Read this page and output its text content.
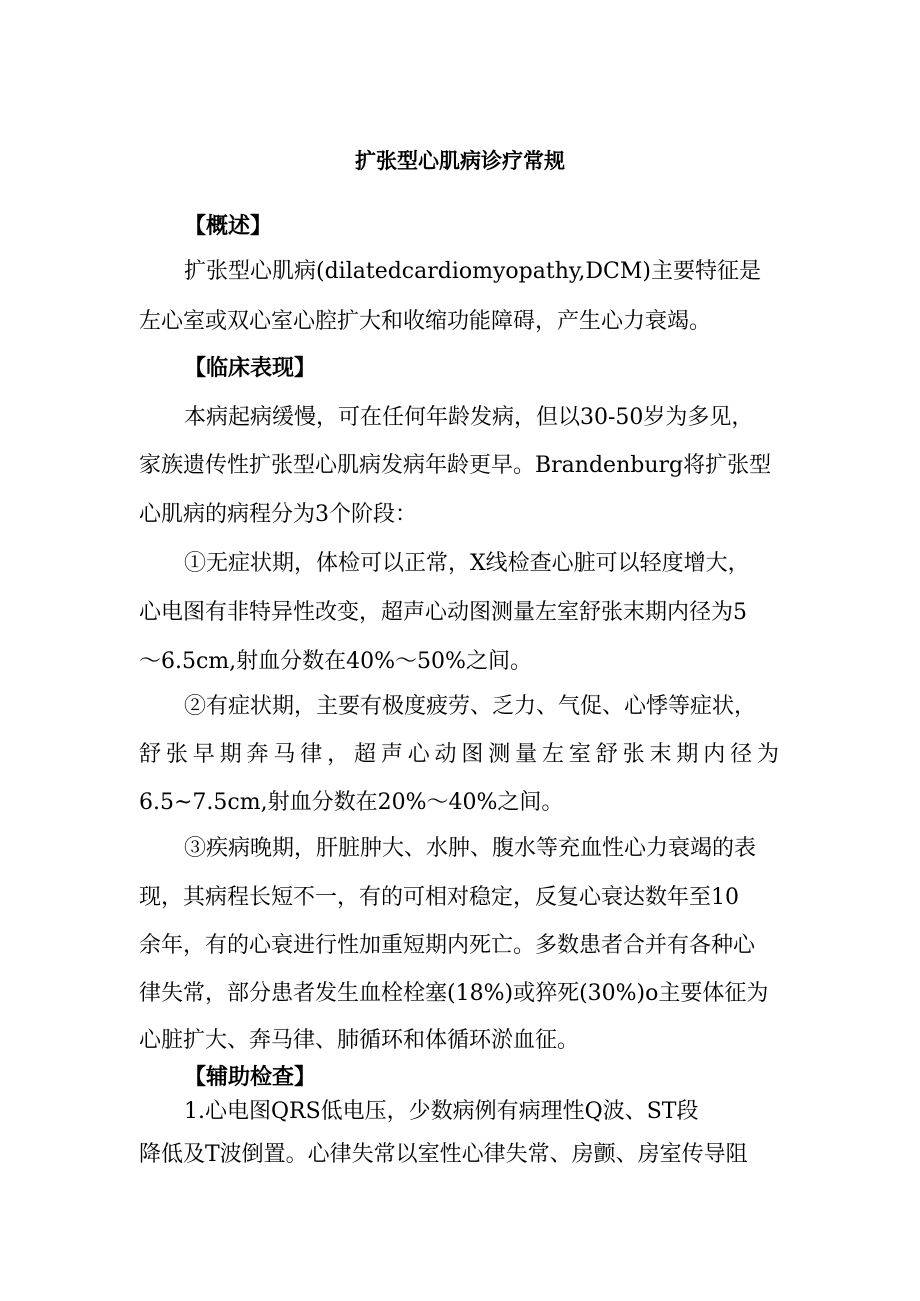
扩张型心肌病诊疗常规
【概述】
扩张型心肌病(dilatedcardiomyopathy,DCM)主要特征是
左心室或双心室心腔扩大和收缩功能障碍，产生心力衰竭。
【临床表现】
本病起病缓慢，可在任何年龄发病，但以30-50岁为多见，
家族遗传性扩张型心肌病发病年龄更早。Brandenburg将扩张型
心肌病的病程分为3个阶段：
①无症状期，体检可以正常，X线检查心脏可以轻度增大，
心电图有非特异性改变，超声心动图测量左室舒张末期内径为5
～6.5cm,射血分数在40%～50%之间。
②有症状期，主要有极度疲劳、乏力、气促、心悸等症状，
舒张早期奔马律，超声心动图测量左室舒张末期内径为
6.5~7.5cm,射血分数在20%～40%之间。
③疾病晚期，肝脏肿大、水肿、腹水等充血性心力衰竭的表
现，其病程长短不一，有的可相对稳定，反复心衰达数年至10
余年，有的心衰进行性加重短期内死亡。多数患者合并有各种心
律失常，部分患者发生血栓栓塞(18%)或猝死(30%)o主要体征为
心脏扩大、奔马律、肺循环和体循环淤血征。
【辅助检查】
1.心电图QRS低电压，少数病例有病理性Q波、ST段
降低及T波倒置。心律失常以室性心律失常、房颤、房室传导阻
